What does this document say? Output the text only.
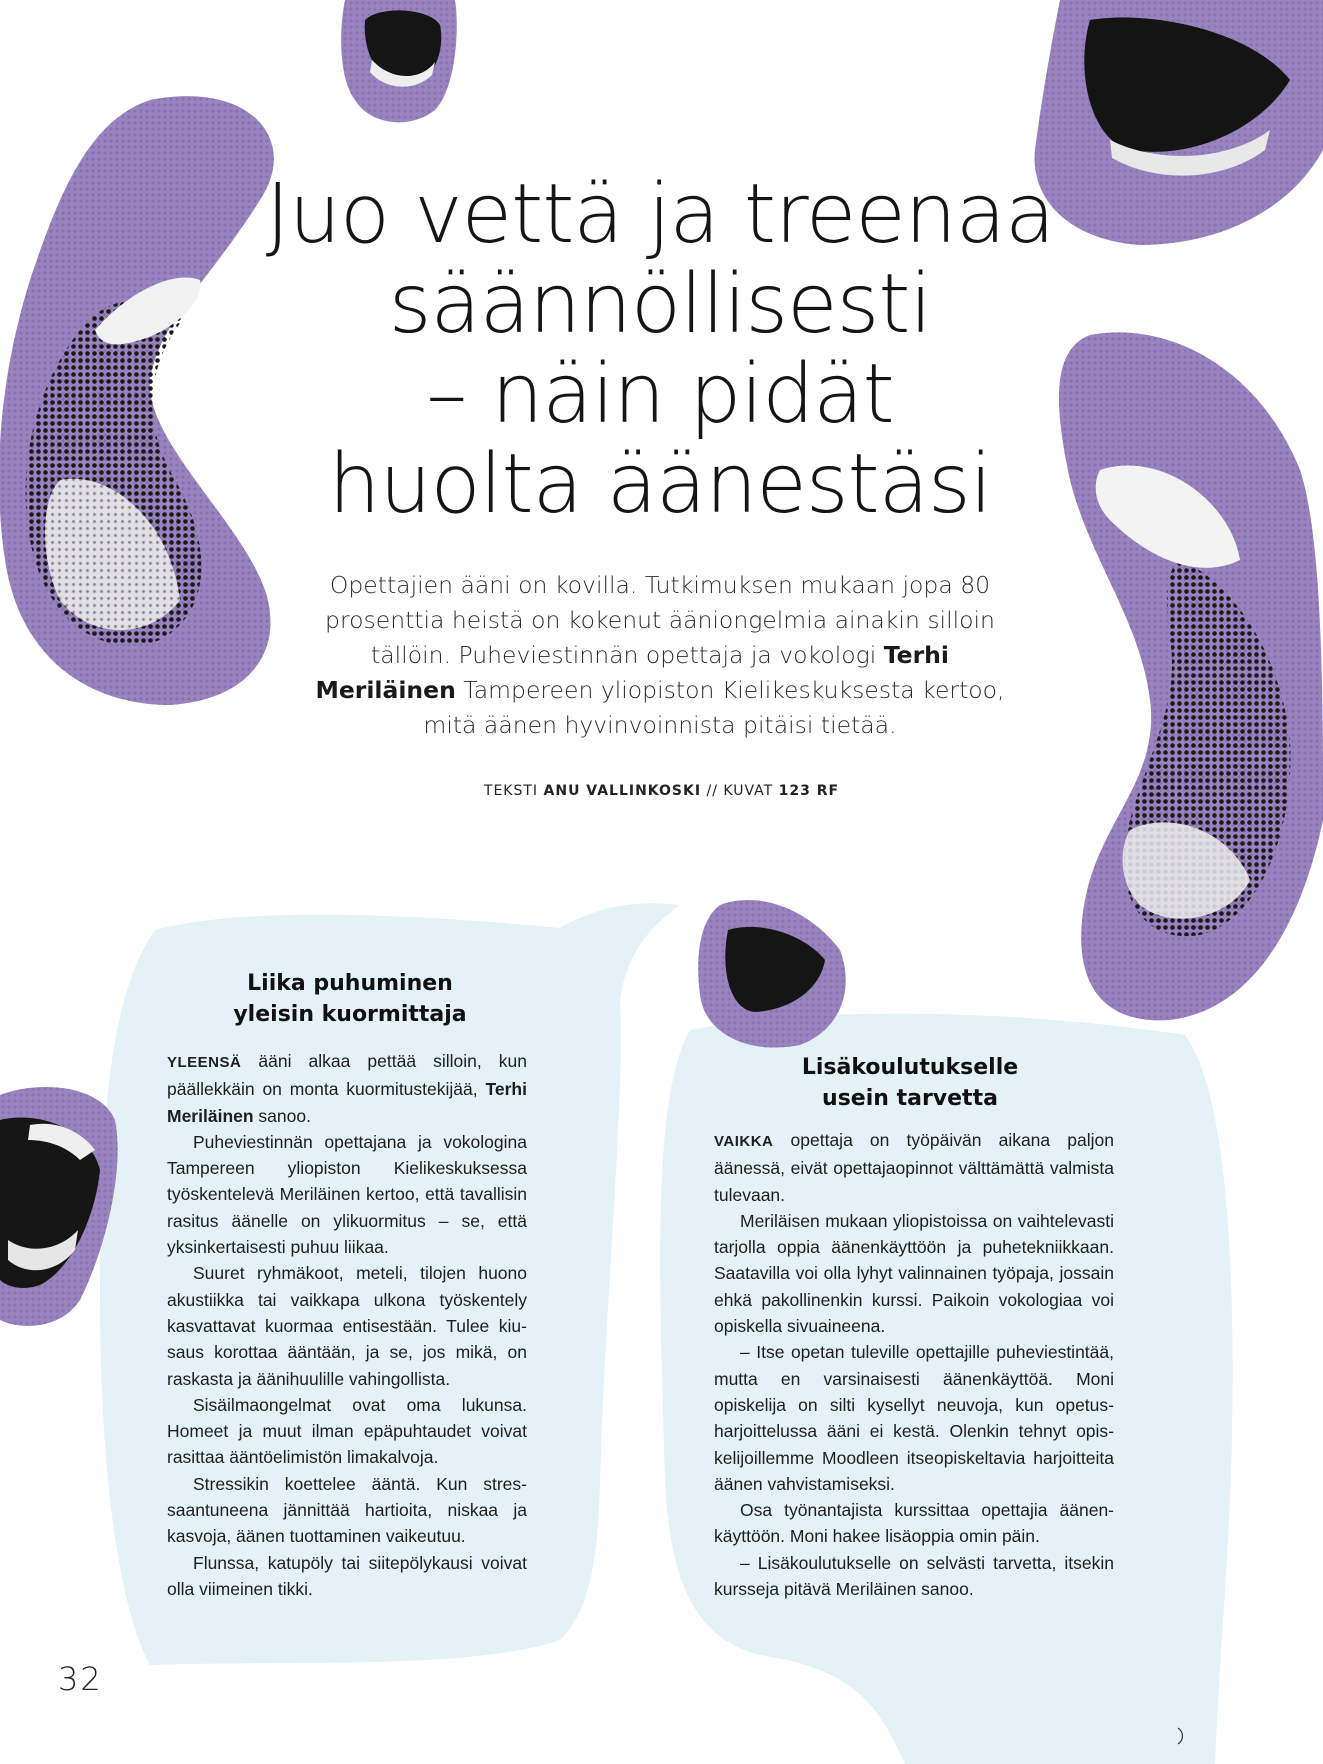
Juo vettä ja treenaa
säännöllisesti
– näin pidät
huolta äänestäsi

Opettajien ääni on kovilla. Tutkimuksen mukaan jopa 80 prosenttia heistä on kokenut ääniongelmia ainakin silloin tällöin. Puheviestinnän opettaja ja vokologi Terhi Meriläinen Tampereen yliopiston Kielikeskuksesta kertoo, mitä äänen hyvinvoinnista pitäisi tietää.

TEKSTI ANU VALLINKOSKI // KUVAT 123 RF
Liika puhuminen
yleisin kuormittaja

YLEENSÄ ääni alkaa pettää silloin, kun päällekkäin on monta kuormitustekijää, Terhi Meriläinen sanoo.

Puheviestinnän opettajana ja vokologina Tampereen yliopiston Kielikeskuksessa työskentelevä Meriläinen kertoo, että tavallisin rasitus äänelle on ylikuormitus – se, että yksinkertaisesti puhuu liikaa.

Suuret ryhmäkoot, meteli, tilojen huono akustiikka tai vaikkapa ulkona työskentely kasvattavat kuormaa entisestään. Tulee kiusaus korottaa ääntään, ja se, jos mikä, on raskasta ja äänihuulille vahingollista.

Sisäilmaongelmat ovat oma lukunsa. Homeet ja muut ilman epäpuhtaudet voivat rasittaa ääntöelimistön limakalvoja.

Stressikin koettelee ääntä. Kun stressaantuneena jännittää hartioita, niskaa ja kasvoja, äänen tuottaminen vaikeutuu.

Flunssa, katupöly tai siitepölykausi voivat olla viimeinen tikki.

Lisäkoulutukselle
usein tarvetta

VAIKKA opettaja on työpäivän aikana paljon äänessä, eivät opettajaopinnot välttämättä valmista tulevaan.

Meriläisen mukaan yliopistoissa on vaihtelevasti tarjolla oppia äänenkäyttöön ja puhetekniikkaan. Saatavilla voi olla lyhyt valinnainen työpaja, jossain ehkä pakollinenkin kurssi. Paikoin vokologiaa voi opiskella sivuaineena.

– Itse opetan tuleville opettajille puheviestintää, mutta en varsinaisesti äänenkäyttöä. Moni opiskelija on silti kysellyt neuvoja, kun opetusharjoittelussa ääni ei kestä. Olenkin tehnyt opiskelijoillemme Moodleen itseopiskeltavia harjoitteita äänen vahvistamiseksi.

Osa työnantajista kurssittaa opettajia äänenkäyttöön. Moni hakee lisäoppia omin päin.

– Lisäkoulutukselle on selvästi tarvetta, itsekin kursseja pitävä Meriläinen sanoo.

32
